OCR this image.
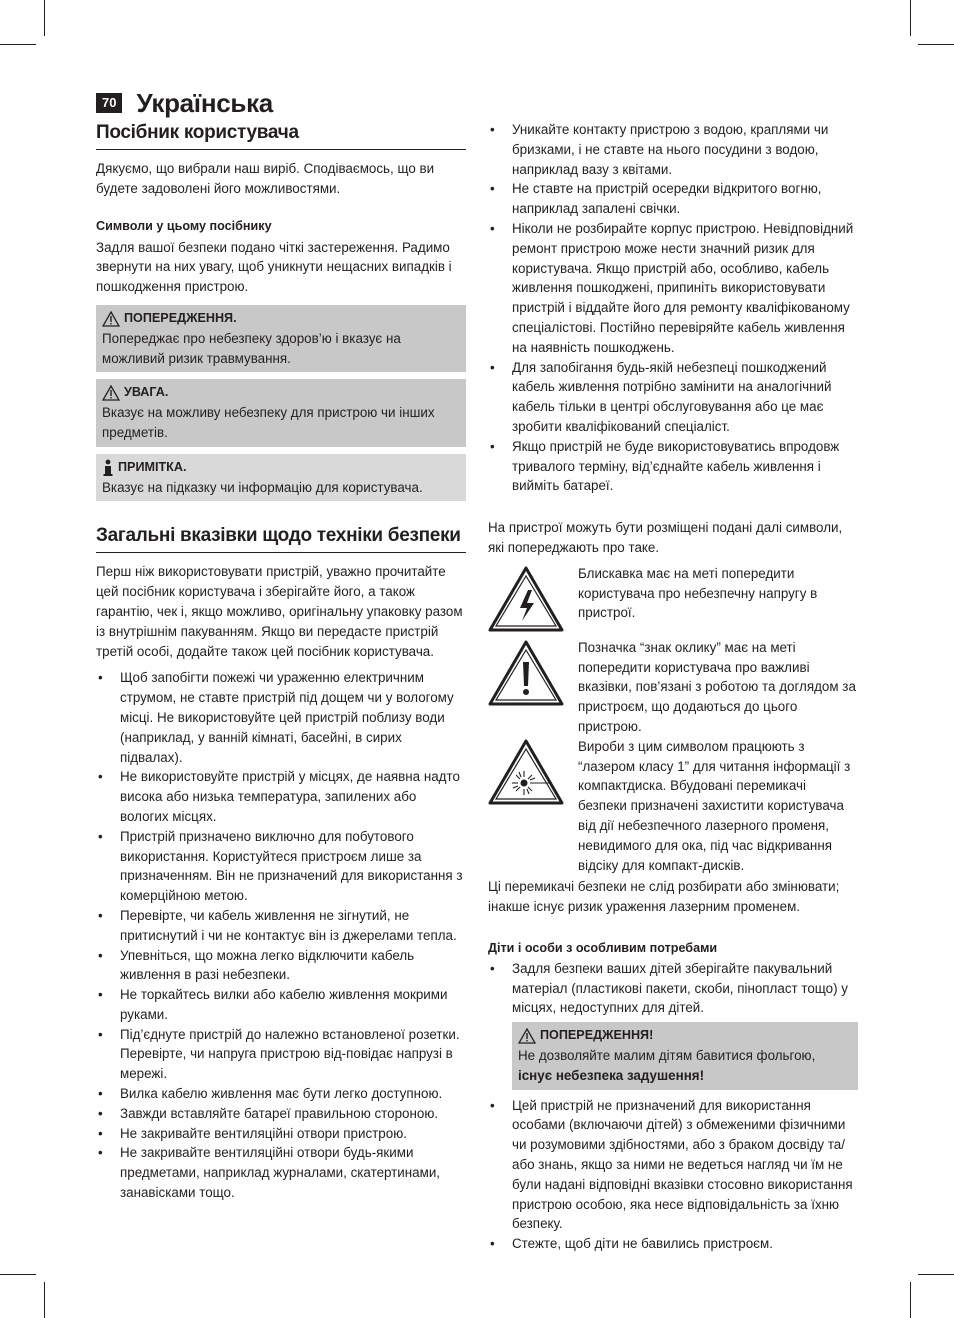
70 Українська
Посібник користувача

Дякуємо, що вибрали наш виріб. Сподіваємось, що ви будете задоволені його можливостями.

Символи у цьому посібнику

Задля вашої безпеки подано чіткі застереження. Радимо звернути на них увагу, щоб уникнути нещасних випадків і пошкодження пристрою.

ПОПЕРЕДЖЕННЯ.

Попереджає про небезпеку здоров’ю і вказує на можливий ризик травмування.

УВАГА.

Вказує на можливу небезпеку для пристрою чи інших предметів.

ПРИМІТКА.

Вказує на підказку чи інформацію для користувача.

Загальні вказівки щодо техніки безпеки

Перш ніж використовувати пристрій, уважно прочитайте цей посібник користувача і зберігайте його, а також гарантію, чек і, якщо можливо, оригінальну упаковку разом із внутрішнім пакуванням. Якщо ви передасте пристрій третій особі, додайте також цей посібник користувача.

• Щоб запобігти пожежі чи ураженню електричним струмом, не ставте пристрій під дощем чи у вологому місці. Не використовуйте цей пристрій поблизу води (наприклад, у ванній кімнаті, басейні, в сирих підвалах).
• Не використовуйте пристрій у місцях, де наявна надто висока або низька температура, запилених або вологих місцях.
• Пристрій призначено виключно для побутового використання. Користуйтеся пристроєм лише за призначенням. Він не призначений для використання з комерційною метою.
• Перевірте, чи кабель живлення не зігнутий, не притиснутий і чи не контактує він із джерелами тепла.
• Упевніться, що можна легко відключити кабель живлення в разі небезпеки.
• Не торкайтесь вилки або кабелю живлення мокрими руками.
• Під’єднуте пристрій до належно встановленої розетки. Перевірте, чи напруга пристрою від-повідає напрузі в мережі.
• Вилка кабелю живлення має бути легко доступною.
• Завжди вставляйте батареї правильною стороною.
• Не закривайте вентиляційні отвори пристрою.
• Не закривайте вентиляційні отвори будь-якими предметами, наприклад журналами, скатертинами, занавісками тощо.
• Уникайте контакту пристрою з водою, краплями чи бризками, і не ставте на нього посудини з водою, наприклад вазу з квітами.
• Не ставте на пристрій осередки відкритого вогню, наприклад запалені свічки.
• Ніколи не розбирайте корпус пристрою. Невідповідний ремонт пристрою може нести значний ризик для користувача. Якщо пристрій або, особливо, кабель живлення пошкоджені, припиніть використовувати пристрій і віддайте його для ремонту кваліфікованому спеціалістові. Постійно перевіряйте кабель живлення на наявність пошкоджень.
• Для запобігання будь-якій небезпеці пошкоджений кабель живлення потрібно замінити на аналогічний кабель тільки в центрі обслуговування або це має зробити кваліфікований спеціаліст.
• Якщо пристрій не буде використовуватись впродовж тривалого терміну, від’єднайте кабель живлення і вийміть батареї.

На пристрої можуть бути розміщені подані далі символи, які попереджають про таке.

Блискавка має на меті попередити користувача про небезпечну напругу в пристрої.

Позначка “знак оклику” має на меті попередити користувача про важливі вказівки, пов’язані з роботою та доглядом за пристроєм, що додаються до цього пристрою.

Вироби з цим символом працюють з “лазером класу 1” для читання інформації з компактдиска. Вбудовані перемикачі безпеки призначені захистити користувача від дії небезпечного лазерного променя, невидимого для ока, під час відкривання відсіку для компакт-дисків.

Ці перемикачі безпеки не слід розбирати або змінювати; інакше існує ризик ураження лазерним променем.

Діти і особи з особливим потребами
• Задля безпеки ваших дітей зберігайте пакувальний матеріал (пластикові пакети, скоби, пінопласт тощо) у місцях, недоступних для дітей.
ПОПЕРЕДЖЕННЯ!

Не дозволяйте малим дітям бавитися фольгою, існує небезпека задушення!

• Цей пристрій не призначений для використання особами (включаючи дітей) з обмеженими фізичними чи розумовими здібностями, або з браком досвіду та/або знань, якщо за ними не ведеться нагляд чи їм не були надані відповідні вказівки стосовно використання пристрою особою, яка несе відповідальність за їхню безпеку.
• Стежте, щоб діти не бавились пристроєм.
